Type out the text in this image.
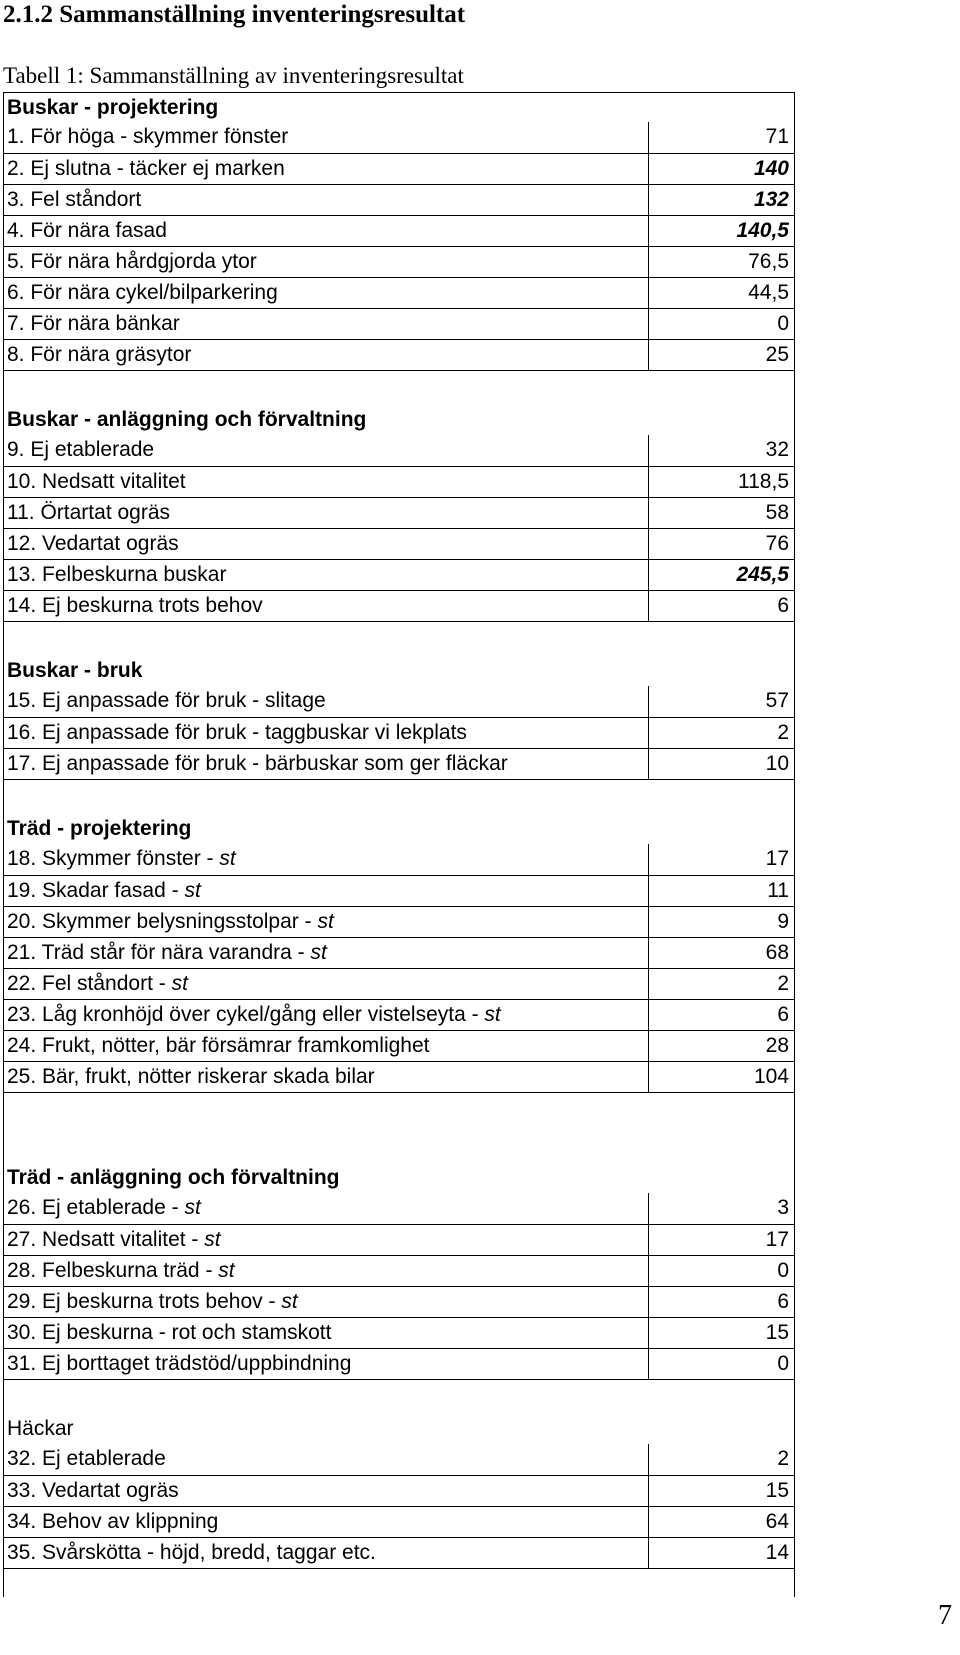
2.1.2 Sammanställning inventeringsresultat
Tabell 1: Sammanställning av inventeringsresultat
Buskar - projektering
1. För höga - skymmer fönster	71
2. Ej slutna - täcker ej marken	140
3. Fel ståndort	132
4. För nära fasad	140,5
5. För nära hårdgjorda ytor	76,5
6. För nära cykel/bilparkering	44,5
7. För nära bänkar	0
8. För nära gräsytor	25
Buskar - anläggning och förvaltning
9. Ej etablerade	32
10. Nedsatt vitalitet	118,5
11. Örtartat ogräs	58
12. Vedartat ogräs	76
13. Felbeskurna buskar	245,5
14. Ej beskurna trots behov	6
Buskar - bruk
15. Ej anpassade för bruk - slitage	57
16. Ej anpassade för bruk - taggbuskar vi lekplats	2
17. Ej anpassade för bruk - bärbuskar som ger fläckar	10
Träd - projektering
18. Skymmer fönster - st	17
19. Skadar fasad - st	11
20. Skymmer belysningsstolpar - st	9
21. Träd står för nära varandra - st	68
22. Fel ståndort - st	2
23. Låg kronhöjd över cykel/gång eller vistelseyta - st	6
24. Frukt, nötter, bär försämrar framkomlighet	28
25. Bär, frukt, nötter riskerar skada bilar	104
Träd - anläggning och förvaltning
26. Ej etablerade - st	3
27. Nedsatt vitalitet - st	17
28. Felbeskurna träd - st	0
29. Ej beskurna trots behov - st	6
30. Ej beskurna - rot och stamskott	15
31. Ej borttaget trädstöd/uppbindning	0
Häckar
32. Ej etablerade	2
33. Vedartat ogräs	15
34. Behov av klippning	64
35. Svårskötta - höjd, bredd, taggar etc.	14
7
